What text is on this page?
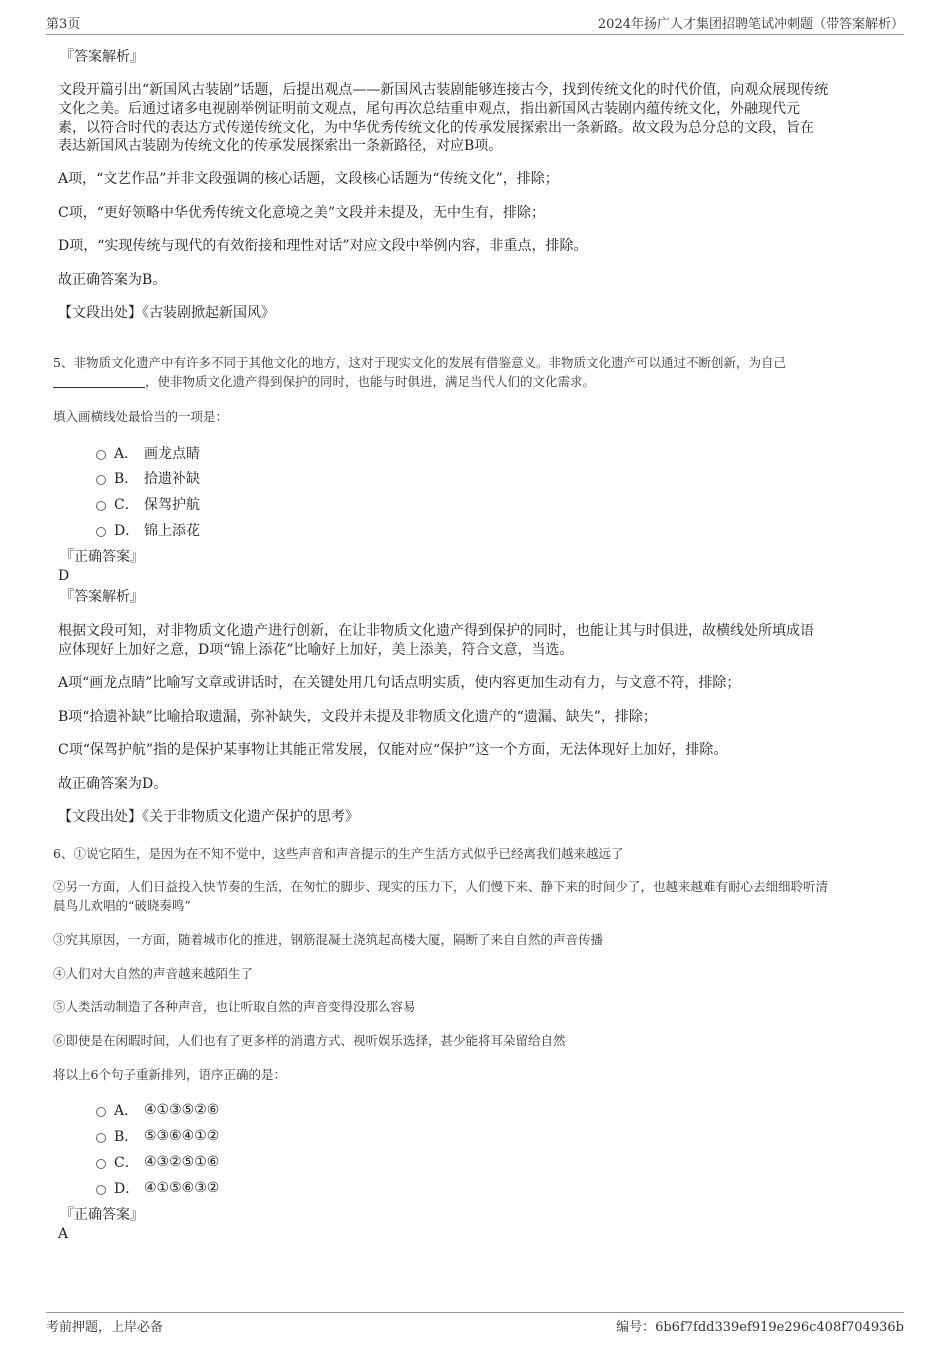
第3页	2024年扬广人才集团招聘笔试冲刺题（带答案解析）
『答案解析』
文段开篇引出“新国风古装剧”话题，后提出观点——新国风古装剧能够连接古今，找到传统文化的时代价值，向观众展现传统
文化之美。后通过诸多电视剧举例证明前文观点，尾句再次总结重申观点，指出新国风古装剧内蕴传统文化，外融现代元
素，以符合时代的表达方式传递传统文化，为中华优秀传统文化的传承发展探索出一条新路。故文段为总分总的文段，旨在
表达新国风古装剧为传统文化的传承发展探索出一条新路径，对应B项。
A项，“文艺作品”并非文段强调的核心话题，文段核心话题为“传统文化”，排除；
C项，“更好领略中华优秀传统文化意境之美”文段并未提及，无中生有，排除；
D项，“实现传统与现代的有效衔接和理性对话”对应文段中举例内容，非重点，排除。
故正确答案为B。
【文段出处】《古装剧掀起新国风》
5、非物质文化遗产中有许多不同于其他文化的地方，这对于现实文化的发展有借鉴意义。非物质文化遗产可以通过不断创新，为自己
，使非物质文化遗产得到保护的同时，也能与时俱进，满足当代人们的文化需求。
填入画横线处最恰当的一项是：
A． 画龙点睛
B． 拾遗补缺
C． 保驾护航
D． 锦上添花
『正确答案』
D
『答案解析』
根据文段可知，对非物质文化遗产进行创新，在让非物质文化遗产得到保护的同时，也能让其与时俱进，故横线处所填成语
应体现好上加好之意，D项“锦上添花”比喻好上加好，美上添美，符合文意，当选。
A项“画龙点睛”比喻写文章或讲话时，在关键处用几句话点明实质，使内容更加生动有力，与文意不符，排除；
B项“拾遗补缺”比喻拾取遗漏，弥补缺失，文段并未提及非物质文化遗产的“遗漏、缺失”，排除；
C项“保驾护航”指的是保护某事物让其能正常发展，仅能对应“保护”这一个方面，无法体现好上加好，排除。
故正确答案为D。
【文段出处】《关于非物质文化遗产保护的思考》
6、①说它陌生，是因为在不知不觉中，这些声音和声音提示的生产生活方式似乎已经离我们越来越远了
②另一方面，人们日益投入快节奏的生活，在匆忙的脚步、现实的压力下，人们慢下来、静下来的时间少了，也越来越难有耐心去细细聆听清
晨鸟儿欢唱的“破晓奏鸣”
③究其原因，一方面，随着城市化的推进，钢筋混凝土浇筑起高楼大厦，隔断了来自自然的声音传播
④人们对大自然的声音越来越陌生了
⑤人类活动制造了各种声音，也让听取自然的声音变得没那么容易
⑥即使是在闲暇时间，人们也有了更多样的消遣方式、视听娱乐选择，甚少能将耳朵留给自然
将以上6个句子重新排列，语序正确的是：
A． ④①③⑤②⑥
B． ⑤③⑥④①②
C． ④③②⑤①⑥
D． ④①⑤⑥③②
『正确答案』
A
考前押题，上岸必备	编号：6b6f7fdd339ef919e296c408f704936b
